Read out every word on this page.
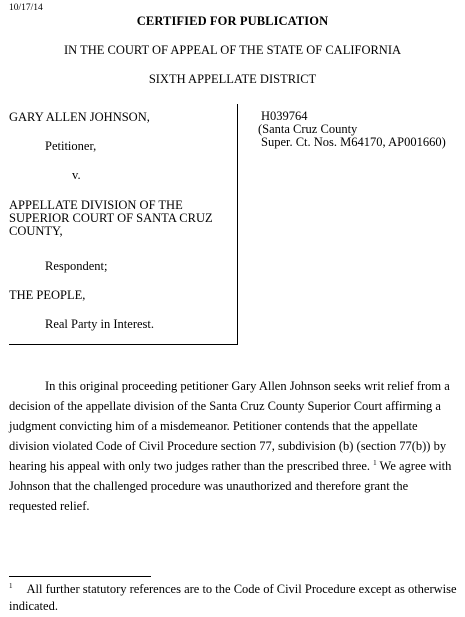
10/17/14
CERTIFIED FOR PUBLICATION
IN THE COURT OF APPEAL OF THE STATE OF CALIFORNIA
SIXTH APPELLATE DISTRICT
GARY ALLEN JOHNSON,
Petitioner,
v.
APPELLATE DIVISION OF THE
SUPERIOR COURT OF SANTA CRUZ
COUNTY,
Respondent;
THE PEOPLE,
Real Party in Interest.
H039764
(Santa Cruz County
Super. Ct. Nos. M64170, AP001660)

In this original proceeding petitioner Gary Allen Johnson seeks writ relief from a decision of the appellate division of the Santa Cruz County Superior Court affirming a judgment convicting him of a misdemeanor. Petitioner contends that the appellate division violated Code of Civil Procedure section 77, subdivision (b) (section 77(b)) by hearing his appeal with only two judges rather than the prescribed three. $^1$ We agree with Johnson that the challenged procedure was unauthorized and therefore grant the requested relief.

$^1$ All further statutory references are to the Code of Civil Procedure except as otherwise indicated.
